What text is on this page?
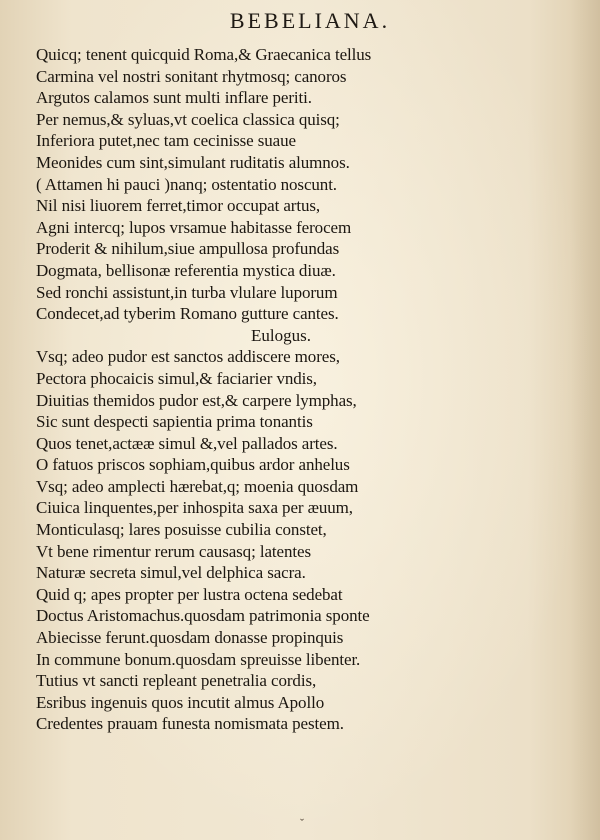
BEBELIANA.
Quicq; tenent quicquid Roma,& Graecanica tellus
Carmina vel nostri sonitant rhytmosq; canoros
Argutos calamos sunt multi inflare periti.
Per nemus,& syluas,vt coelica classica quisq;
Inferiora putet,nec tam cecinisse suaue
Meonides cum sint,simulant ruditatis alumnos.
( Attamen hi pauci )nanq; ostentatio noscunt.
Nil nisi liuorem ferret,timor occupat artus,
Agni intercq; lupos vrsamue habitasse ferocem
Proderit & nihilum,siue ampullosa profundas
Dogmata, bellisonæ referentia mystica diuæ.
Sed ronchi assistunt,in turba vlulare luporum
Condecet,ad tyberim Romano gutture cantes.
Eulogus.
Vsq; adeo pudor est sanctos addiscere mores,
Pectora phocaicis simul,& faciarier vndis,
Diuitias themidos pudor est,& carpere lymphas,
Sic sunt despecti sapientia prima tonantis
Quos tenet,actææ simul &,vel pallados artes.
O fatuos priscos sophiam,quibus ardor anhelus
Vsq; adeo amplecti hærebat,q; moenia quosdam
Ciuica linquentes,per inhospita saxa per æuum,
Monticulasq; lares posuisse cubilia constet,
Vt bene rimentur rerum causasq; latentes
Naturæ secreta simul,vel delphica sacra.
Quid q; apes propter per lustra octena sedebat
Doctus Aristomachus.quosdam patrimonia sponte
Abiecisse ferunt.quosdam donasse propinquis
In commune bonum.quosdam spreuisse libenter.
Tutius vt sancti repleant penetralia cordis,
Esribus ingenuis quos incutit almus Apollo
Credentes prauam funesta nomismata pestem.
ˇ
